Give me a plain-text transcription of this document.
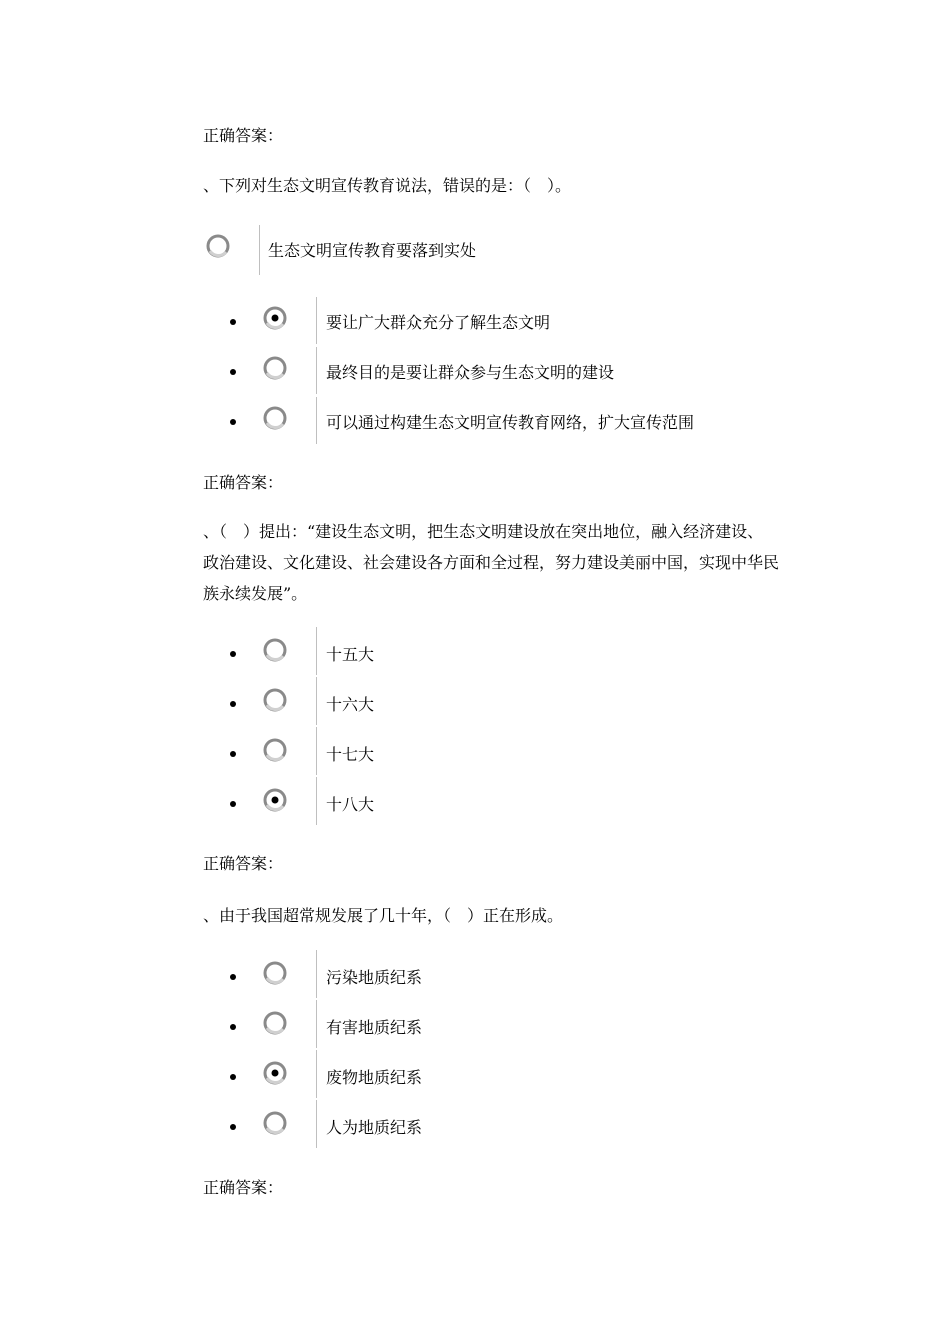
正确答案：
、下列对生态文明宣传教育说法，错误的是：（　）。
生态文明宣传教育要落到实处
要让广大群众充分了解生态文明
最终目的是要让群众参与生态文明的建设
可以通过构建生态文明宣传教育网络，扩大宣传范围
正确答案：
、（　）提出：“建设生态文明，把生态文明建设放在突出地位，融入经济建设、
政治建设、文化建设、社会建设各方面和全过程，努力建设美丽中国，实现中华民
族永续发展”。
十五大
十六大
十七大
十八大
正确答案：
、由于我国超常规发展了几十年，（　）正在形成。
污染地质纪系
有害地质纪系
废物地质纪系
人为地质纪系
正确答案：
